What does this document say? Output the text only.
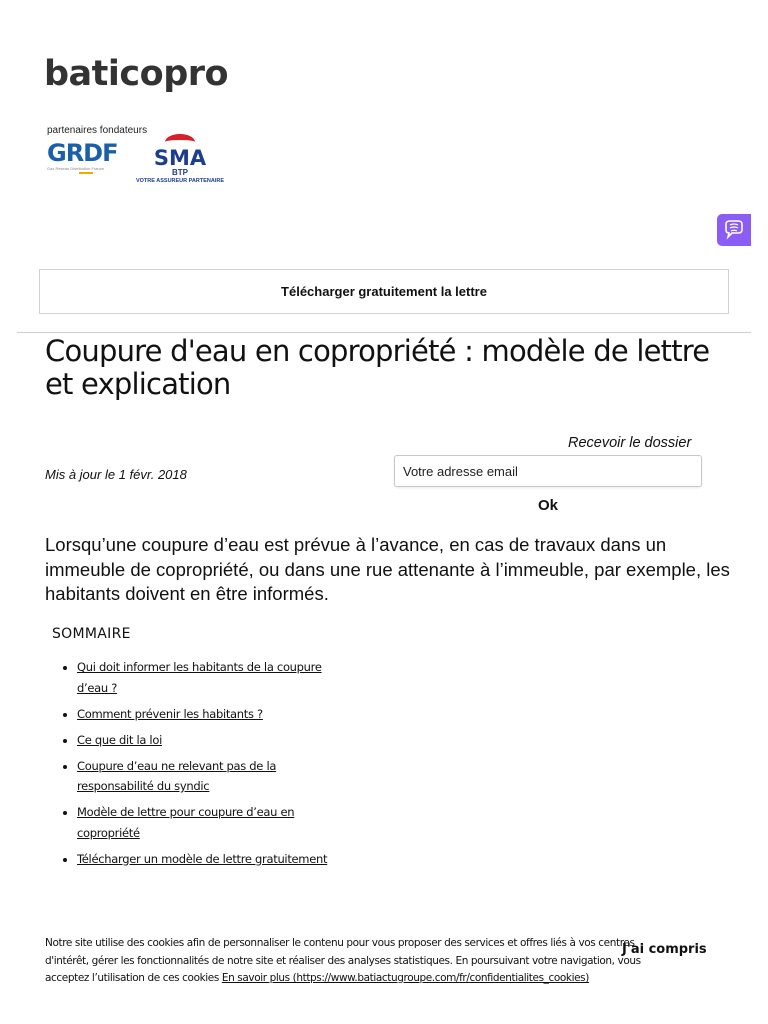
baticopro
partenaires fondateurs
GRDF
Gaz Réseau Distribution France	SMA
BTP
VOTRE ASSUREUR PARTENAIRE
Télécharger gratuitement la lettre
Coupure d'eau en copropriété : modèle de lettre et explication
Mis à jour le 1 févr. 2018
Recevoir le dossier
Votre adresse email
Ok

Lorsqu’une coupure d’eau est prévue à l’avance, en cas de travaux dans un immeuble de copropriété, ou dans une rue attenante à l’immeuble, par exemple, les habitants doivent en être informés.

SOMMAIRE
• Qui doit informer les habitants de la coupure d’eau ?
• Comment prévenir les habitants ?
• Ce que dit la loi
• Coupure d’eau ne relevant pas de la responsabilité du syndic
• Modèle de lettre pour coupure d’eau en copropriété
• Télécharger un modèle de lettre gratuitement

Notre site utilise des cookies afin de personnaliser le contenu pour vous proposer des services et offres liés à vos centres d'intérêt, gérer les fonctionnalités de notre site et réaliser des analyses statistiques. En poursuivant votre navigation, vous acceptez l’utilisation de ces cookies En savoir plus (https://www.batiactugroupe.com/fr/confidentialites_cookies)

J'ai compris
